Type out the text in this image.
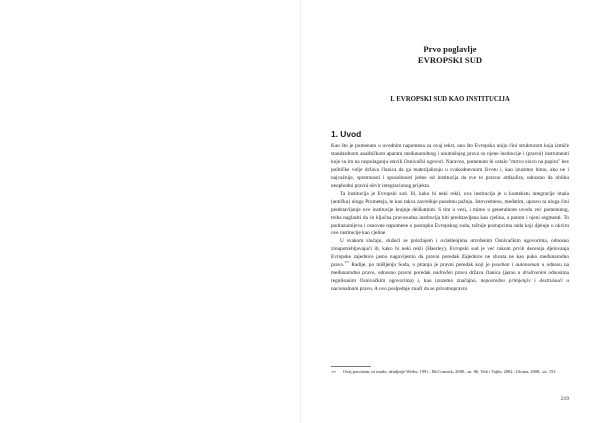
Prvo poglavlje
EVROPSKI SUD
I. EVROPSKI SUD KAO INSTITUCIJA
1. Uvod

Kao što je pomenuto u uvodnim napomena za ovaj tekst, ono što Evropska uniju čini strukturom koja izmiče standardnom analitičkom aparatu međunarodnog i unutrašnjeg prava su njene institucije i (pravni) instrumenti koje su im na raspolaganju stavili Osnivački ugovori. Naravno, pomenuto bi ostalo "mrtvo slovo na papiru" bez političke volje država članica da ga materijalizuju u svakodnevnom životu i, kao izuzetno bitno, ako ne i najvažnije, spremnosti i sposobnosti jedne od institucija da sve to pravno artikulira, odnosno da obliku neophodni pravni okvir integracionog prijekta.

Ta institucija je Evropski sud. Ili, kako bi neki rekli, ova institucija je u kontekstu integracije imala (antičku) ulogu Prometeja, te kao takva zavređuje posebnu pažnju. Istovremeno, međutim, upravo ta uloga čini predstavljanje ove institucije krajnje delikatnim. S tim u vezi, i mimo u generalnom uvodu već pomenutog, treba naglasiti da će ključna pravosudna institucija biti predstavljena kao cjelina, a potom i njeni segmenti. To podrazumijeva i osnovne napomene o postupku Evropskog suda, tačnije postupcima suda koji djeluju u okviru ove institucije kao cjeline.

U svakom slučaju, služeći se položajem i ovlaštenjima utvrđenim Osnivačkim ugovorima, odnosno zloupotrebljavajući ih, kako bi neki rekli (Haerley), Evropski sud je već tokom prvih decenija djelovanja Evropske zajednice jasno nagovijestio da pravni poredak Zajednice ne shvata ne kao puko međunarodno pravo.$^{377}$ Radije, po mišljenju Suda, u pitanju je pravni poredak koji je poseban i autonoman u odnosu na međunarodno pravo, odnosno pravni poredak nadređen pravu država članica (jasno u društvenim odnosima regulisanim Osnivačkim ugovorima) i, kao izuzetno značajno, neposredno primjenjiv i destruisući u nacionalnom pravu. A ovo posljednje znači da se privatnopravni

377 Ovaj povodom, ni ostalo, detaljnije Weiler, 1991.; McCormick, 2008., str. 86; Vidi i Vajler, 2002.; Jilcaita, 2008., str. 153
219
